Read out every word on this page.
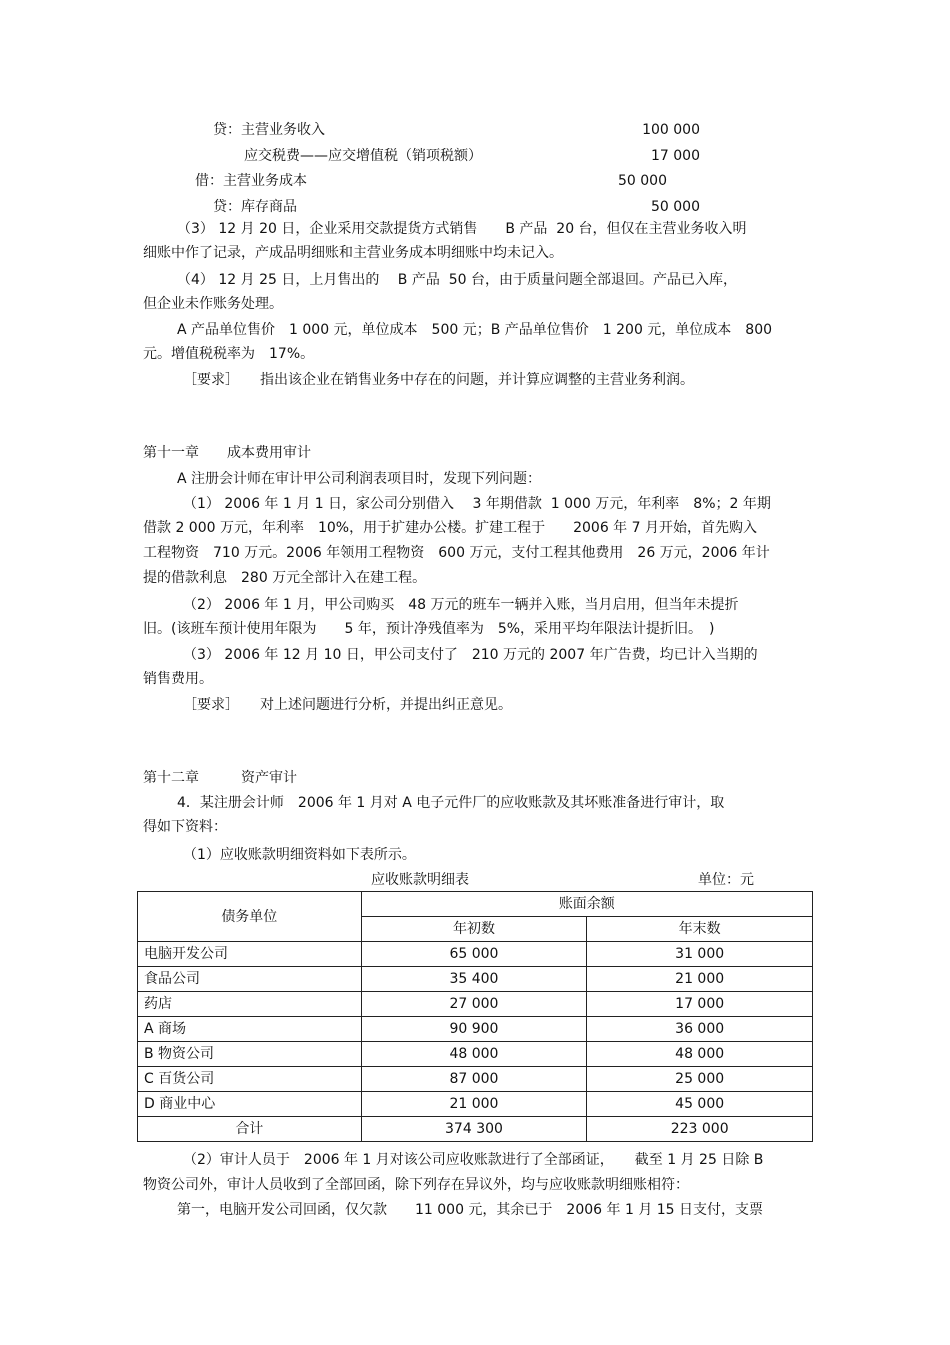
贷：主营业务收入	100 000
应交税费——应交增值税（销项税额）	17 000
借：主营业务成本	50 000
贷：库存商品	50 000
（3） 12 月 20 日，企业采用交款提货方式销售　　B 产品  20 台，但仅在主营业务收入明
细账中作了记录，产成品明细账和主营业务成本明细账中均未记入。
（4） 12 月 25 日，上月售出的　 B 产品  50 台，由于质量问题全部退回。产品已入库，
但企业未作账务处理。
A 产品单位售价　1 000 元，单位成本　500 元；B 产品单位售价　1 200 元，单位成本　800
元。增值税税率为　17%。
［要求］　　指出该企业在销售业务中存在的问题，并计算应调整的主营业务利润。
第十一章　　成本费用审计
A 注册会计师在审计甲公司利润表项目时，发现下列问题：
（1） 2006 年 1 月 1 日，家公司分别借入　 3 年期借款  1 000 万元，年利率　8%；2 年期
借款 2 000 万元，年利率　10%，用于扩建办公楼。扩建工程于　　2006 年 7 月开始，首先购入
工程物资　710 万元。2006 年领用工程物资　600 万元，支付工程其他费用　26 万元，2006 年计
提的借款利息　280 万元全部计入在建工程。
（2） 2006 年 1 月，甲公司购买　48 万元的班车一辆并入账，当月启用，但当年未提折
旧。(该班车预计使用年限为　　5 年，预计净残值率为　5%，采用平均年限法计提折旧。　)
（3） 2006 年 12 月 10 日，甲公司支付了　210 万元的 2007 年广告费，均已计入当期的
销售费用。
［要求］　　对上述问题进行分析，并提出纠正意见。
第十二章　　　资产审计
4．某注册会计师　2006 年 1 月对 A 电子元件厂的应收账款及其坏账准备进行审计，取
得如下资料：
（1）应收账款明细资料如下表所示。
应收账款明细表	单位：元
债务单位	账面余额	
	年初数	年末数
电脑开发公司	65 000	31 000
食品公司	35 400	21 000
药店	27 000	17 000
A 商场	90 900	36 000
B 物资公司	48 000	48 000
C 百货公司	87 000	25 000
D 商业中心	21 000	45 000
合计	374 300	223 000
（2）审计人员于　2006 年 1 月对该公司应收账款进行了全部函证，　　截至 1 月 25 日除 B
物资公司外，审计人员收到了全部回函，除下列存在异议外，均与应收账款明细账相符：
第一，电脑开发公司回函，仅欠款　　11 000 元，其余已于　2006 年 1 月 15 日支付，支票
